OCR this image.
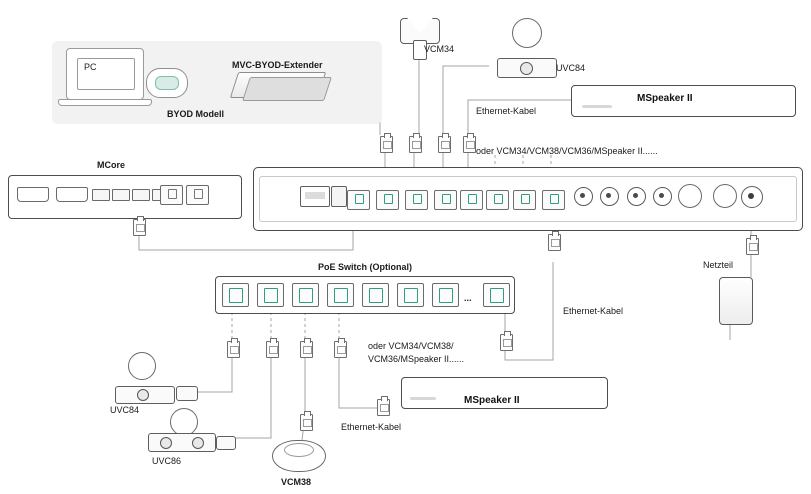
PC	MVC-BYOD-Extender
BYOD Modell
VCM34
UVC84
MSpeaker II
Ethernet-Kabel
oder VCM34/VCM38/VCM36/MSpeaker II......
MCore
PoE Switch (Optional)
...
oder VCM34/VCM38/
VCM36/MSpeaker II......
Ethernet-Kabel
Netzteil
MSpeaker II
Ethernet-Kabel
UVC84
UVC86
VCM38
